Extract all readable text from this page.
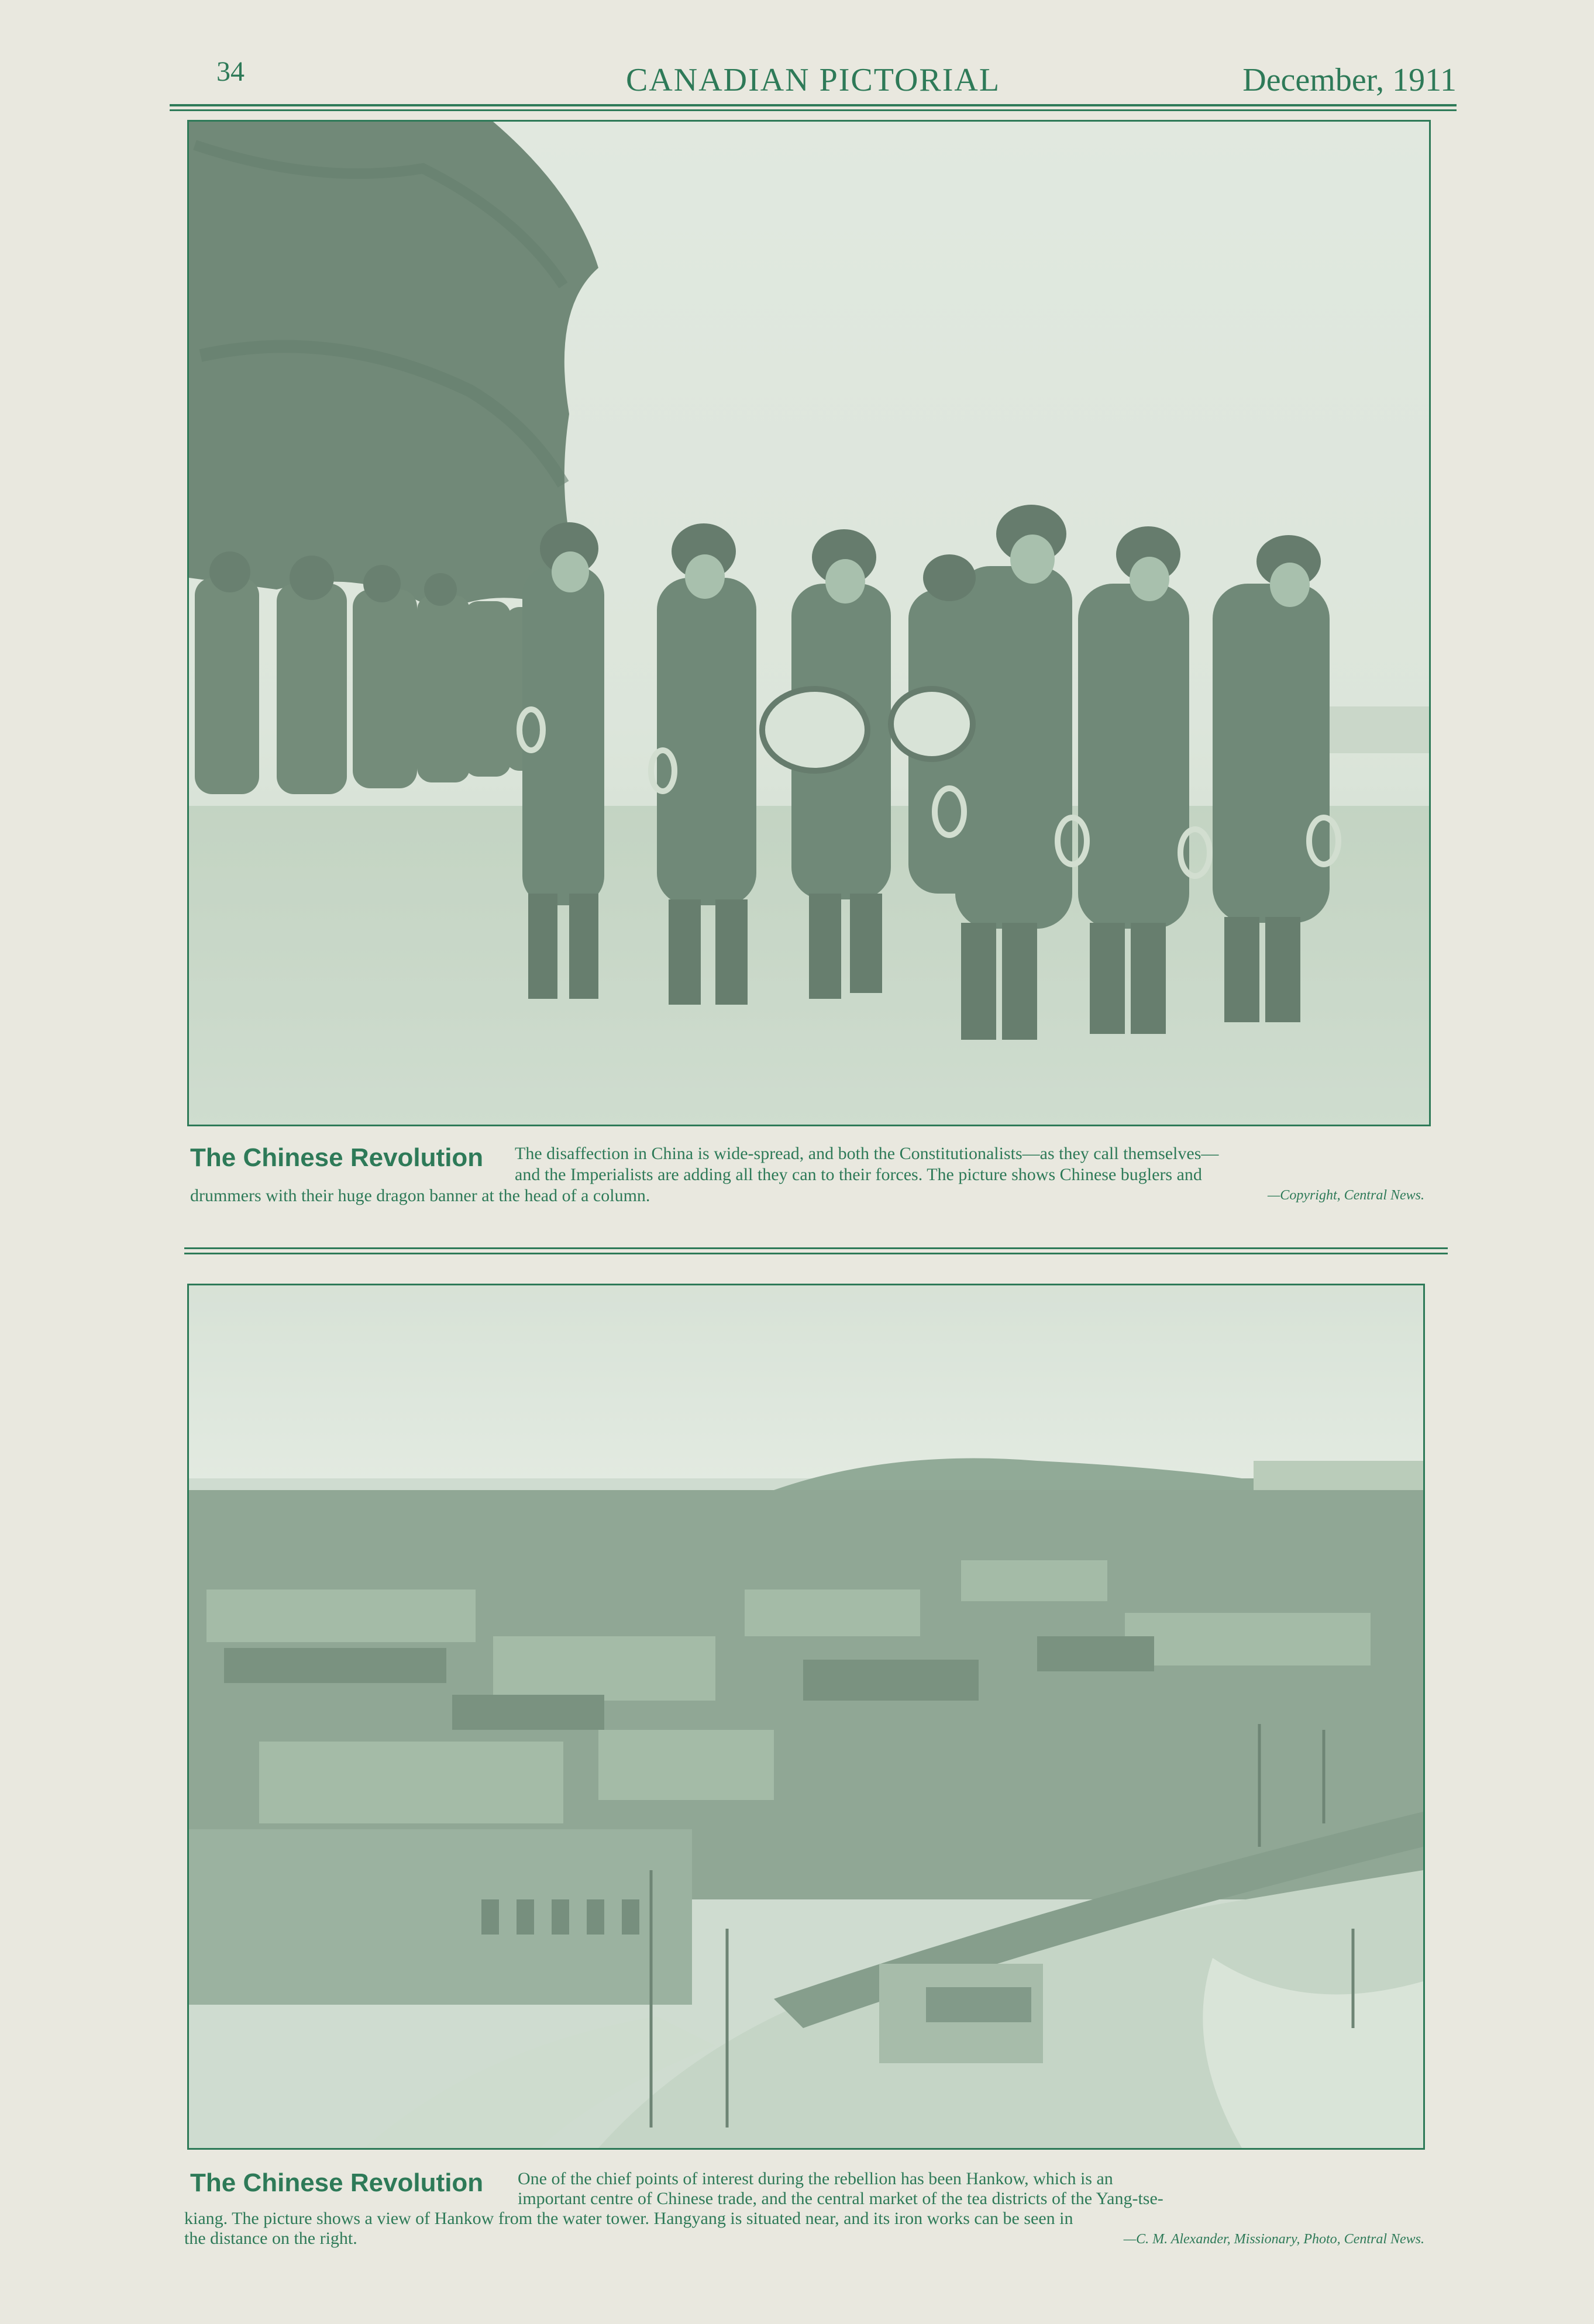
34	CANADIAN PICTORIAL	December, 1911
The Chinese Revolution The disaffection in China is wide-spread, and both the Constitutionalists—as they call themselves—
and the Imperialists are adding all they can to their forces. The picture shows Chinese buglers and
drummers with their huge dragon banner at the head of a column.	—Copyright, Central News.
The Chinese Revolution One of the chief points of interest during the rebellion has been Hankow, which is an
important centre of Chinese trade, and the central market of the tea districts of the Yang-tse-
kiang. The picture shows a view of Hankow from the water tower. Hangyang is situated near, and its iron works can be seen in
the distance on the right.	—C. M. Alexander, Missionary, Photo, Central News.
